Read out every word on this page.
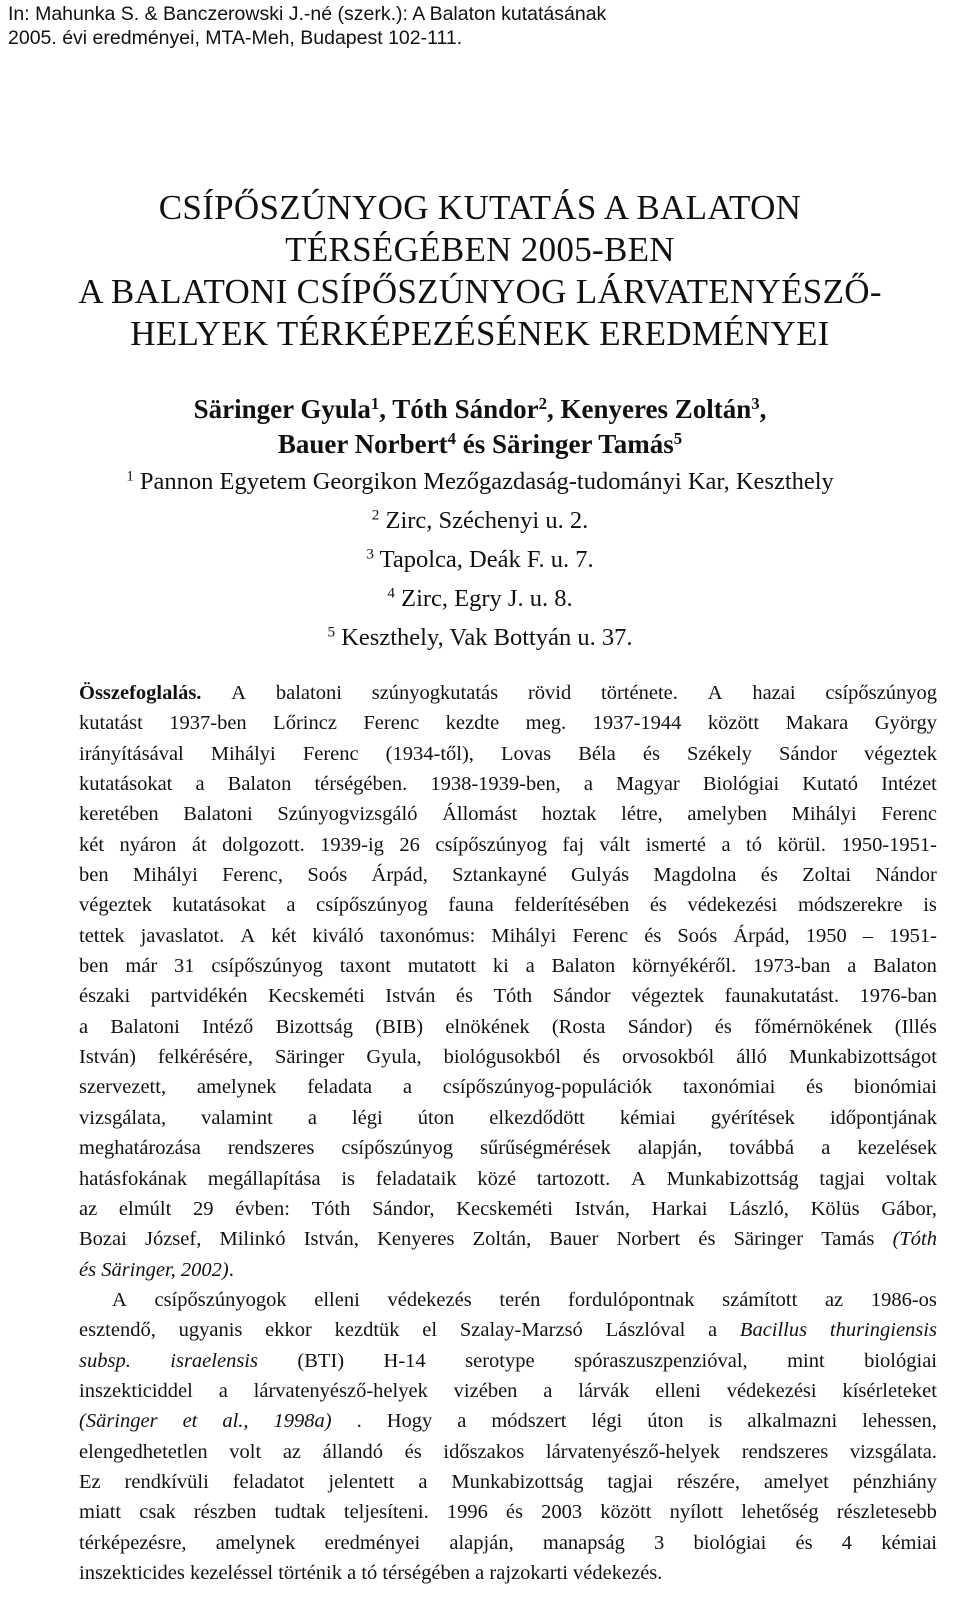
In: Mahunka S. & Banczerowski J.-né (szerk.): A Balaton kutatásának
2005. évi eredményei, MTA-Meh, Budapest 102-111.
CSÍPŐSZÚNYOG KUTATÁS A BALATON
TÉRSÉGÉBEN 2005-BEN
A BALATONI CSÍPŐSZÚNYOG LÁRVATENYÉSZŐ-
HELYEK TÉRKÉPEZÉSÉNEK EREDMÉNYEI
Säringer Gyula$^1$, Tóth Sándor$^2$, Kenyeres Zoltán$^3$,
Bauer Norbert$^4$ és Säringer Tamás$^5$
$^1$ Pannon Egyetem Georgikon Mezőgazdaság-tudományi Kar, Keszthely
$^2$ Zirc, Széchenyi u. 2.
$^3$ Tapolca, Deák F. u. 7.
$^4$ Zirc, Egry J. u. 8.
$^5$ Keszthely, Vak Bottyán u. 37.
Összefoglalás. A balatoni szúnyogkutatás rövid története. A hazai csípőszúnyog
kutatást 1937-ben Lőrincz Ferenc kezdte meg. 1937-1944 között Makara György
irányításával Mihályi Ferenc (1934-től), Lovas Béla és Székely Sándor végeztek
kutatásokat a Balaton térségében. 1938-1939-ben, a Magyar Biológiai Kutató Intézet
keretében Balatoni Szúnyogvizsgáló Állomást hoztak létre, amelyben Mihályi Ferenc
két nyáron át dolgozott. 1939-ig 26 csípőszúnyog faj vált ismerté a tó körül. 1950-1951-
ben Mihályi Ferenc, Soós Árpád, Sztankayné Gulyás Magdolna és Zoltai Nándor
végeztek kutatásokat a csípőszúnyog fauna felderítésében és védekezési módszerekre is
tettek javaslatot. A két kiváló taxonómus: Mihályi Ferenc és Soós Árpád, 1950 – 1951-
ben már 31 csípőszúnyog taxont mutatott ki a Balaton környékéről. 1973-ban a Balaton
északi partvidékén Kecskeméti István és Tóth Sándor végeztek faunakutatást. 1976-ban
a Balatoni Intéző Bizottság (BIB) elnökének (Rosta Sándor) és főmérnökének (Illés
István) felkérésére, Säringer Gyula, biológusokból és orvosokból álló Munkabizottságot
szervezett, amelynek feladata a csípőszúnyog-populációk taxonómiai és bionómiai
vizsgálata, valamint a légi úton elkezdődött kémiai gyérítések időpontjának
meghatározása rendszeres csípőszúnyog sűrűségmérések alapján, továbbá a kezelések
hatásfokának megállapítása is feladataik közé tartozott. A Munkabizottság tagjai voltak
az elmúlt 29 évben: Tóth Sándor, Kecskeméti István, Harkai László, Kölüs Gábor,
Bozai József, Milinkó István, Kenyeres Zoltán, Bauer Norbert és Säringer Tamás (Tóth
és Säringer, 2002) .
A csípőszúnyogok elleni védekezés terén fordulópontnak számított az 1986-os
esztendő, ugyanis ekkor kezdtük el Szalay-Marzsó Lászlóval a Bacillus thuringiensis
subsp. israelensis (BTI) H-14 serotype spóraszuszpenzióval, mint biológiai
inszekticiddel a lárvatenyésző-helyek vizében a lárvák elleni védekezési kísérleteket
(Säringer et al., 1998a) . Hogy a módszert légi úton is alkalmazni lehessen,
elengedhetetlen volt az állandó és időszakos lárvatenyésző-helyek rendszeres vizsgálata.
Ez rendkívüli feladatot jelentett a Munkabizottság tagjai részére, amelyet pénzhiány
miatt csak részben tudtak teljesíteni. 1996 és 2003 között nyílott lehetőség részletesebb
térképezésre, amelynek eredményei alapján, manapság 3 biológiai és 4 kémiai
inszekticides kezeléssel történik a tó térségében a rajzokarti védekezés.
